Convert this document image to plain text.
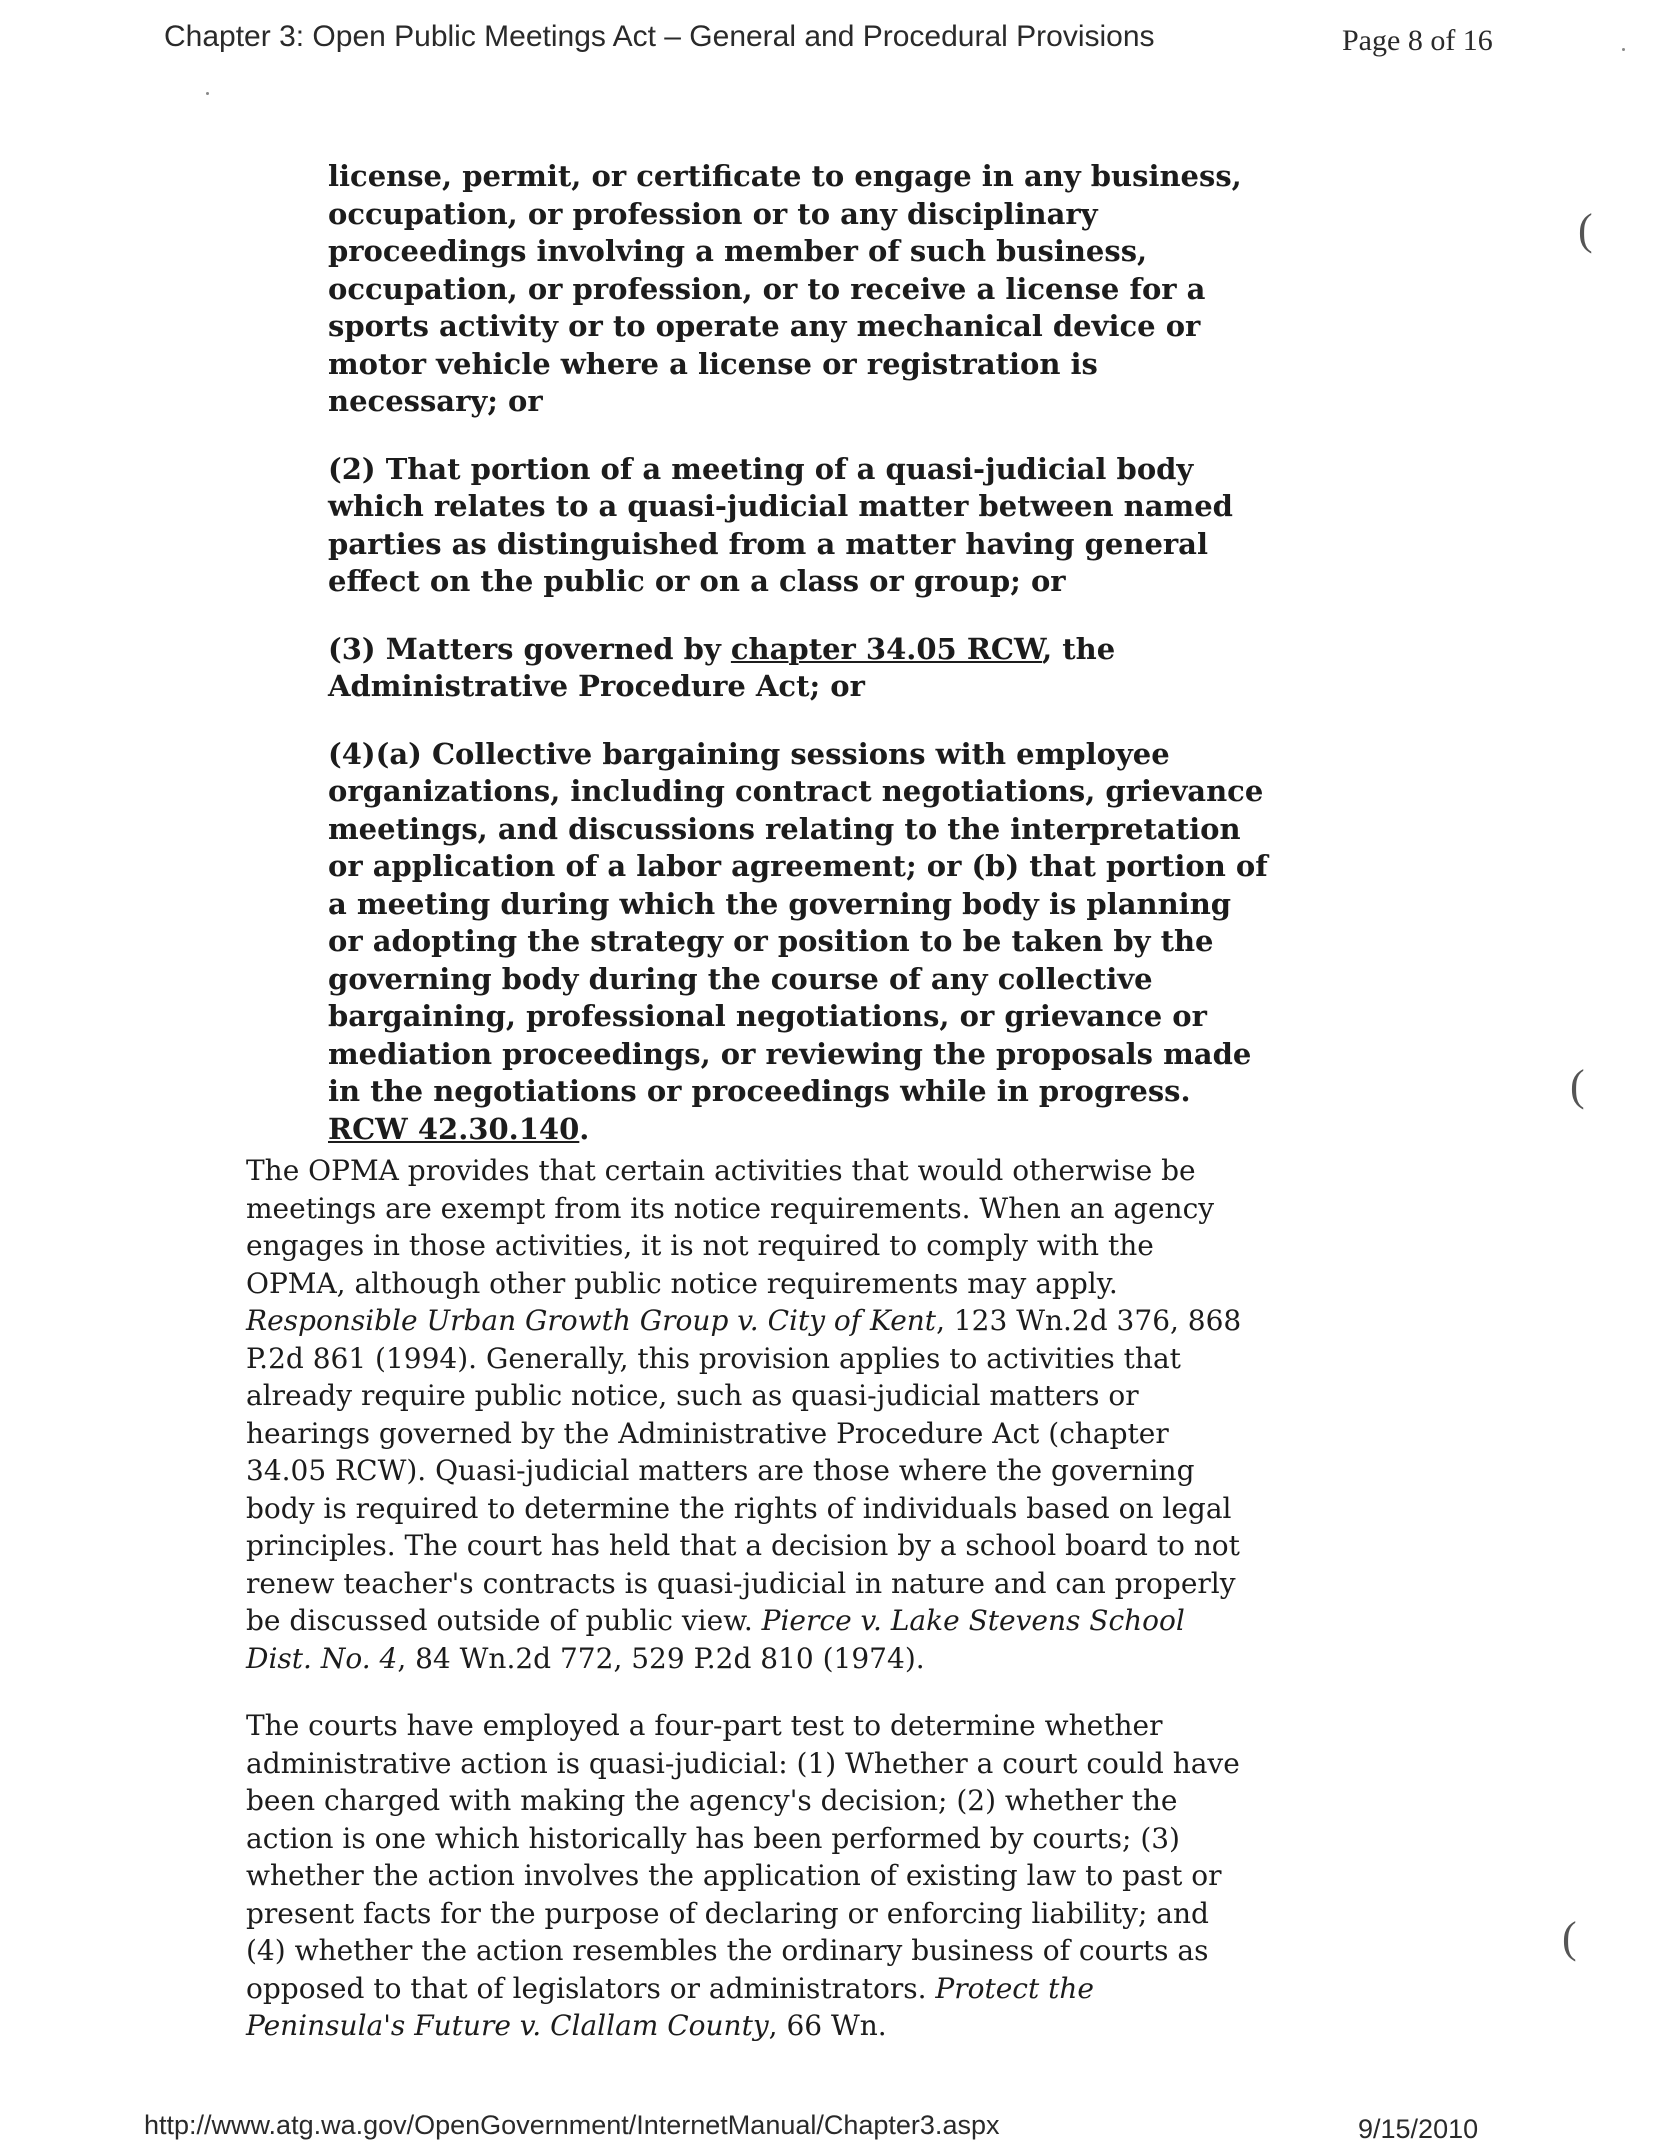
Chapter 3: Open Public Meetings Act – General and Procedural Provisions	Page 8 of 16

license, permit, or certificate to engage in any business, occupation, or profession or to any disciplinary proceedings involving a member of such business, occupation, or profession, or to receive a license for a sports activity or to operate any mechanical device or motor vehicle where a license or registration is necessary; or

(2) That portion of a meeting of a quasi-judicial body which relates to a quasi-judicial matter between named parties as distinguished from a matter having general effect on the public or on a class or group; or

(3) Matters governed by chapter 34.05 RCW, the Administrative Procedure Act; or

(4)(a) Collective bargaining sessions with employee organizations, including contract negotiations, grievance meetings, and discussions relating to the interpretation or application of a labor agreement; or (b) that portion of a meeting during which the governing body is planning or adopting the strategy or position to be taken by the governing body during the course of any collective bargaining, professional negotiations, or grievance or mediation proceedings, or reviewing the proposals made in the negotiations or proceedings while in progress. RCW 42.30.140.

The OPMA provides that certain activities that would otherwise be meetings are exempt from its notice requirements. When an agency engages in those activities, it is not required to comply with the OPMA, although other public notice requirements may apply. Responsible Urban Growth Group v. City of Kent, 123 Wn.2d 376, 868 P.2d 861 (1994). Generally, this provision applies to activities that already require public notice, such as quasi-judicial matters or hearings governed by the Administrative Procedure Act (chapter 34.05 RCW). Quasi-judicial matters are those where the governing body is required to determine the rights of individuals based on legal principles. The court has held that a decision by a school board to not renew teacher's contracts is quasi-judicial in nature and can properly be discussed outside of public view. Pierce v. Lake Stevens School Dist. No. 4, 84 Wn.2d 772, 529 P.2d 810 (1974).

The courts have employed a four-part test to determine whether administrative action is quasi-judicial: (1) Whether a court could have been charged with making the agency's decision; (2) whether the action is one which historically has been performed by courts; (3) whether the action involves the application of existing law to past or present facts for the purpose of declaring or enforcing liability; and (4) whether the action resembles the ordinary business of courts as opposed to that of legislators or administrators. Protect the Peninsula's Future v. Clallam County, 66 Wn.

(
(
(
http://www.atg.wa.gov/OpenGovernment/InternetManual/Chapter3.aspx	9/15/2010
